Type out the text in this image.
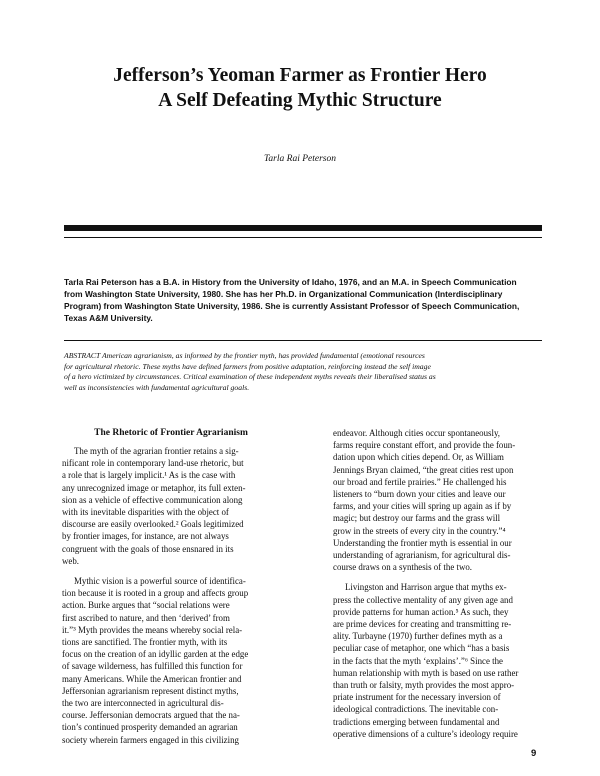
Jefferson’s Yeoman Farmer as Frontier Hero
A Self Defeating Mythic Structure
Tarla Rai Peterson
Tarla Rai Peterson has a B.A. in History from the University of Idaho, 1976, and an M.A. in Speech Communication
from Washington State University, 1980. She has her Ph.D. in Organizational Communication (Interdisciplinary
Program) from Washington State University, 1986. She is currently Assistant Professor of Speech Communication,
Texas A&M University.
ABSTRACT American agrarianism, as informed by the frontier myth, has provided fundamental (emotional resources
for agricultural rhetoric. These myths have defined farmers from positive adaptation, reinforcing instead the self image
of a hero victimized by circumstances. Critical examination of these independent myths reveals their liberalised status as
well as inconsistencies with fundamental agricultural goals.
The Rhetoric of Frontier Agrarianism

The myth of the agrarian frontier retains a sig-
nificant role in contemporary land-use rhetoric, but
a role that is largely implicit.¹ As is the case with
any unrecognized image or metaphor, its full exten-
sion as a vehicle of effective communication along
with its inevitable disparities with the object of
discourse are easily overlooked.² Goals legitimized
by frontier images, for instance, are not always
congruent with the goals of those ensnared in its
web.

Mythic vision is a powerful source of identifica-
tion because it is rooted in a group and affects group
action. Burke argues that “social relations were
first ascribed to nature, and then ‘derived’ from
it.”³ Myth provides the means whereby social rela-
tions are sanctified. The frontier myth, with its
focus on the creation of an idyllic garden at the edge
of savage wilderness, has fulfilled this function for
many Americans. While the American frontier and
Jeffersonian agrarianism represent distinct myths,
the two are interconnected in agricultural dis-
course. Jeffersonian democrats argued that the na-
tion’s continued prosperity demanded an agrarian
society wherein farmers engaged in this civilizing

endeavor. Although cities occur spontaneously,
farms require constant effort, and provide the foun-
dation upon which cities depend. Or, as William
Jennings Bryan claimed, “the great cities rest upon
our broad and fertile prairies.” He challenged his
listeners to “burn down your cities and leave our
farms, and your cities will spring up again as if by
magic; but destroy our farms and the grass will
grow in the streets of every city in the country.”⁴
Understanding the frontier myth is essential in our
understanding of agrarianism, for agricultural dis-
course draws on a synthesis of the two.

Livingston and Harrison argue that myths ex-
press the collective mentality of any given age and
provide patterns for human action.⁵ As such, they
are prime devices for creating and transmitting re-
ality. Turbayne (1970) further defines myth as a
peculiar case of metaphor, one which “has a basis
in the facts that the myth ‘explains’.”⁶ Since the
human relationship with myth is based on use rather
than truth or falsity, myth provides the most appro-
priate instrument for the necessary inversion of
ideological contradictions. The inevitable con-
tradictions emerging between fundamental and
operative dimensions of a culture’s ideology require

9
